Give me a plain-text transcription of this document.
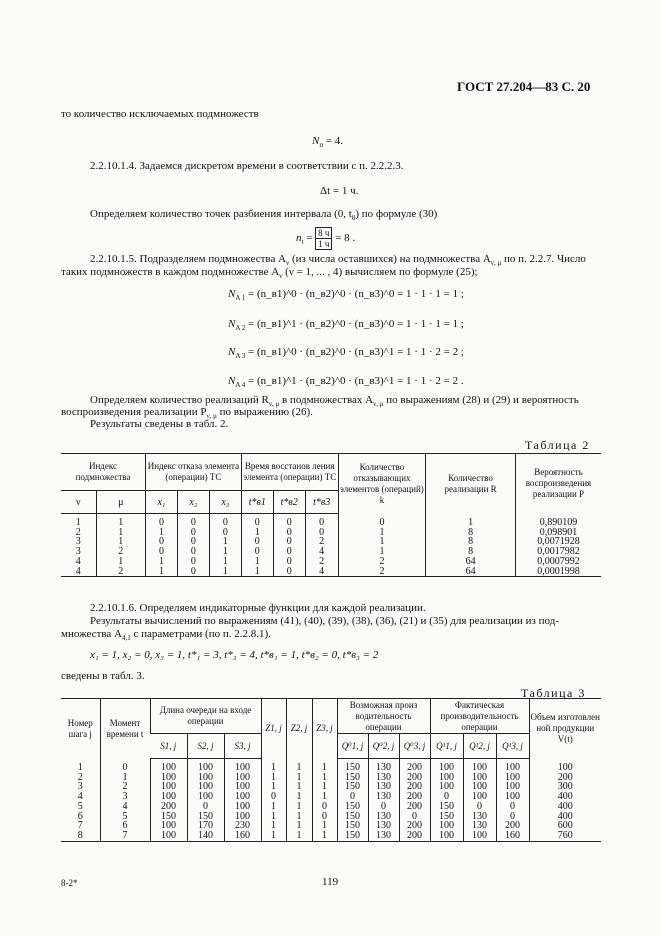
ГОСТ 27.204—83 С. 20
то количество исключаемых подмножеств
$N_п = 4$.
2.2.10.1.4. Задаемся дискретом времени в соответствии с п. 2.2.2.3.
Δt = 1 ч.
Определяем количество точек разбиения интервала (0, $t_0$) по формуле (30)
$n_t = \frac{8 ч}{1 ч} = 8$ .
2.2.10.1.5. Подразделяем подмножества $A_\nu$ (из числа оставшихся) на подмножества $A_{\nu, \mu}$ по п. 2.2.7. Число
таких подмножеств в каждом подмножестве $A_\nu$ (ν = 1, ... , 4) вычисляем по формуле (25);
$N_{A 1}$ = (n_в1)^0 · (n_в2)^0 · (n_в3)^0 = 1 · 1 · 1 = 1 ;
$N_{A 2}$ = (n_в1)^1 · (n_в2)^0 · (n_в3)^0 = 1 · 1 · 1 = 1 ;
$N_{A 3}$ = (n_в1)^0 · (n_в2)^0 · (n_в3)^1 = 1 · 1 · 2 = 2 ;
$N_{A 4}$ = (n_в1)^1 · (n_в2)^0 · (n_в3)^1 = 1 · 1 · 2 = 2 .
Определяем количество реализаций $R_{\nu, \mu}$ в подмножествах $A_{\nu, \mu}$ по выражениям (28) и (29) и вероятность
воспроизведения реализации $P_{\nu, \mu}$ по выражению (26).
Результаты сведены в табл. 2.
Таблица 2
Индекс подмножества		Индекс отказа элемента (операции) ТС			Время восстанов ления элемента (операции) ТС			Количество отказывающих элементов (операций) k	Количество реализации R	Вероятность воспроизведения реализации P

ν	μ	x₁	x₂	x₃	t*в1	t*в2	t*в3			
1	1	0	0	0	0	0	0	0	1	0,890109
2	1	1	0	0	1	0	0	1	8	0,098901
3	1	0	0	1	0	0	2	1	8	0,0071928
3	2	0	0	1	0	0	4	1	8	0,0017982
4	1	1	0	1	1	0	2	2	64	0,0007992
4	2	1	0	1	1	0	4	2	64	0,0001998
2.2.10.1.6. Определяем индикаторные функции для каждой реализации.
Результаты вычислений по выражениям (41), (40), (39), (38), (36), (21) и (35) для реализации из под-
множества $A_{4,1}$ с параметрами (по п. 2.2.8.1).
x₁ = 1, x₂ = 0, x₃ = 1, t*₁ = 3, t*₃ = 4, t*в₁ = 1, t*в₂ = 0, t*в₃ = 2
сведены в табл. 3.
Таблица 3
Номер шага j	Момент времени t	Длина очереди на входе операции			Z1, j	Z2, j	Z3, j	Возможная произ водительность операции			Фактическая производительность операции			Объем изготовлен ной продукции V(t)

		S1, j	S2, j	S3, j				Q⁰1, j	Q⁰2, j	Q⁰3, j	Q¹1, j	Q¹2, j	Q¹3, j	

1	0	100	100	100	1	1	1	150	130	200	100	100	100	100
2	1	100	100	100	1	1	1	150	130	200	100	100	100	200
3	2	100	100	100	1	1	1	150	130	200	100	100	100	300
4	3	100	100	100	0	1	1	0	130	200	0	100	100	400
5	4	200	0	100	1	1	0	150	0	200	150	0	0	400
6	5	150	150	100	1	1	0	150	130	0	150	130	0	400
7	6	100	170	230	1	1	1	150	130	200	100	130	200	600
8	7	100	140	160	1	1	1	150	130	200	100	100	160	760
119
8-2*
